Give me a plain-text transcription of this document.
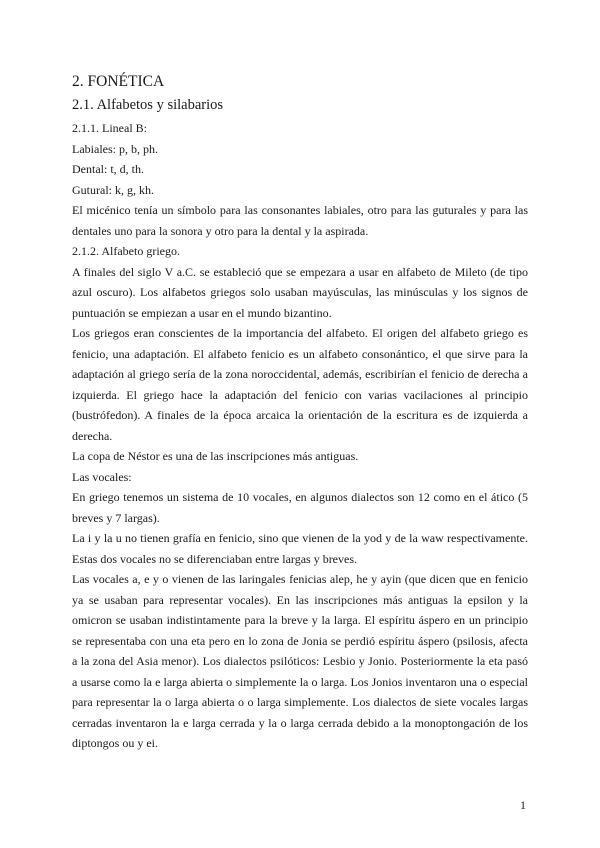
2. FONÉTICA
2.1. Alfabetos y silabarios
2.1.1. Lineal B:
Labiales: p, b, ph.
Dental: t, d, th.
Gutural: k, g, kh.

El micénico tenía un símbolo para las consonantes labiales, otro para las guturales y para las dentales uno para la sonora y otro para la dental y la aspirada.

2.1.2. Alfabeto griego.

A finales del siglo V a.C. se estableció que se empezara a usar en alfabeto de Mileto (de tipo azul oscuro). Los alfabetos griegos solo usaban mayúsculas, las minúsculas y los signos de puntuación se empiezan a usar en el mundo bizantino.

Los griegos eran conscientes de la importancia del alfabeto. El origen del alfabeto griego es fenicio, una adaptación. El alfabeto fenicio es un alfabeto consonántico, el que sirve para la adaptación al griego sería de la zona noroccidental, además, escribirían el fenicio de derecha a izquierda. El griego hace la adaptación del fenicio con varias vacilaciones al principio (bustrófedon). A finales de la época arcaica la orientación de la escritura es de izquierda a derecha.

La copa de Néstor es una de las inscripciones más antiguas.

Las vocales:

En griego tenemos un sistema de 10 vocales, en algunos dialectos son 12 como en el ático (5 breves y 7 largas).

La i y la u no tienen grafía en fenicio, sino que vienen de la yod y de la waw respectivamente. Estas dos vocales no se diferenciaban entre largas y breves.

Las vocales a, e y o vienen de las laringales fenicias alep, he y ayin (que dicen que en fenicio ya se usaban para representar vocales). En las inscripciones más antiguas la epsilon y la omicron se usaban indistintamente para la breve y la larga. El espíritu áspero en un principio se representaba con una eta pero en lo zona de Jonia se perdió espíritu áspero (psilosis, afecta a la zona del Asia menor). Los dialectos psilóticos: Lesbio y Jonio. Posteriormente la eta pasó a usarse como la e larga abierta o simplemente la o larga. Los Jonios inventaron una o especial para representar la o larga abierta o o larga simplemente. Los dialectos de siete vocales largas cerradas inventaron la e larga cerrada y la o larga cerrada debido a la monoptongación de los diptongos ou y ei.

1
